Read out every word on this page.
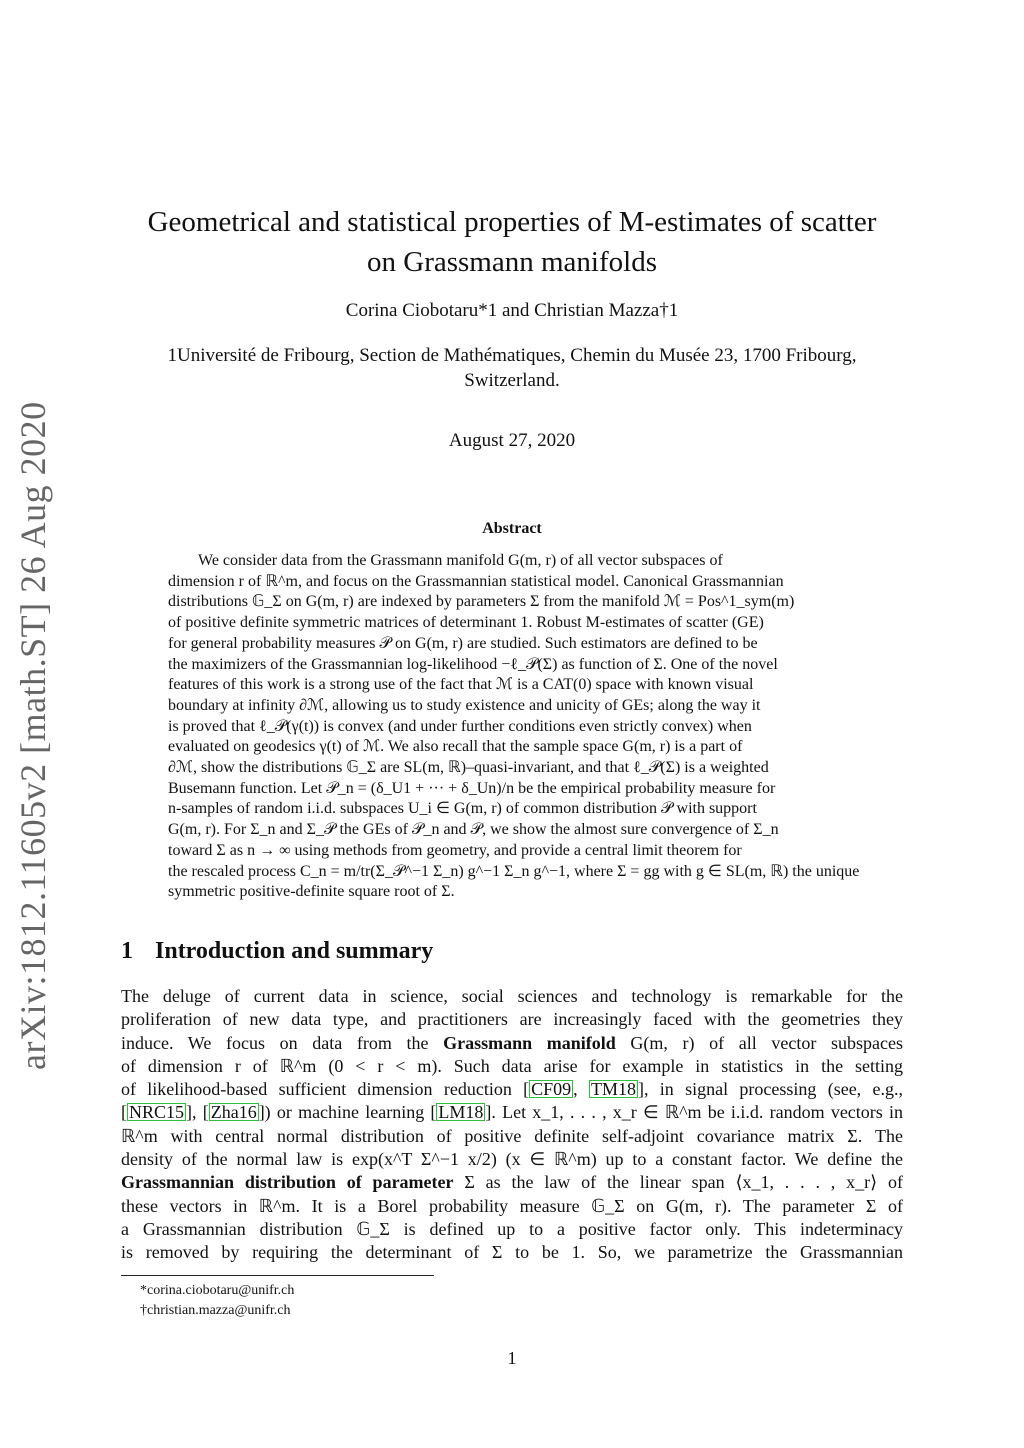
arXiv:1812.11605v2 [math.ST] 26 Aug 2020
Geometrical and statistical properties of M-estimates of scatter
on Grassmann manifolds
Corina Ciobotaru*1 and Christian Mazza†1
1Université de Fribourg, Section de Mathématiques, Chemin du Musée 23, 1700 Fribourg,
Switzerland.
August 27, 2020
Abstract
We consider data from the Grassmann manifold G(m, r) of all vector subspaces of
dimension r of ℝ^m, and focus on the Grassmannian statistical model. Canonical Grassmannian
distributions 𝔾_Σ on G(m, r) are indexed by parameters Σ from the manifold ℳ = Pos^1_sym(m)
of positive definite symmetric matrices of determinant 1. Robust M-estimates of scatter (GE)
for general probability measures 𝒫 on G(m, r) are studied. Such estimators are defined to be
the maximizers of the Grassmannian log-likelihood −ℓ_𝒫(Σ) as function of Σ. One of the novel
features of this work is a strong use of the fact that ℳ is a CAT(0) space with known visual
boundary at infinity ∂ℳ, allowing us to study existence and unicity of GEs; along the way it
is proved that ℓ_𝒫(γ(t)) is convex (and under further conditions even strictly convex) when
evaluated on geodesics γ(t) of ℳ. We also recall that the sample space G(m, r) is a part of
∂ℳ, show the distributions 𝔾_Σ are SL(m, ℝ)–quasi-invariant, and that ℓ_𝒫(Σ) is a weighted
Busemann function. Let 𝒫_n = (δ_U1 + ··· + δ_Un)/n be the empirical probability measure for
n-samples of random i.i.d. subspaces U_i ∈ G(m, r) of common distribution 𝒫 with support
G(m, r). For Σ_n and Σ_𝒫 the GEs of 𝒫_n and 𝒫, we show the almost sure convergence of Σ_n
toward Σ as n → ∞ using methods from geometry, and provide a central limit theorem for
the rescaled process C_n = m/tr(Σ_𝒫^−1 Σ_n) g^−1 Σ_n g^−1, where Σ = gg with g ∈ SL(m, ℝ) the unique
symmetric positive-definite square root of Σ.
1 Introduction and summary
The deluge of current data in science, social sciences and technology is remarkable for the
proliferation of new data type, and practitioners are increasingly faced with the geometries they
induce. We focus on data from the Grassmann manifold G(m, r) of all vector subspaces
of dimension r of ℝ^m (0 < r < m). Such data arise for example in statistics in the setting
of likelihood-based sufficient dimension reduction [ CF09 , TM18 ], in signal processing (see, e.g.,
[ NRC15 ], [ Zha16 ]) or machine learning [ LM18 ]. Let x_1, . . . , x_r ∈ ℝ^m be i.i.d. random vectors in
ℝ^m with central normal distribution of positive definite self-adjoint covariance matrix Σ. The
density of the normal law is exp(x^T Σ^−1 x/2) (x ∈ ℝ^m) up to a constant factor. We define the
Grassmannian distribution of parameter Σ as the law of the linear span ⟨x_1, . . . , x_r⟩ of
these vectors in ℝ^m. It is a Borel probability measure 𝔾_Σ on G(m, r). The parameter Σ of
a Grassmannian distribution 𝔾_Σ is defined up to a positive factor only. This indeterminacy
is removed by requiring the determinant of Σ to be 1. So, we parametrize the Grassmannian
*corina.ciobotaru@unifr.ch
†christian.mazza@unifr.ch
1
